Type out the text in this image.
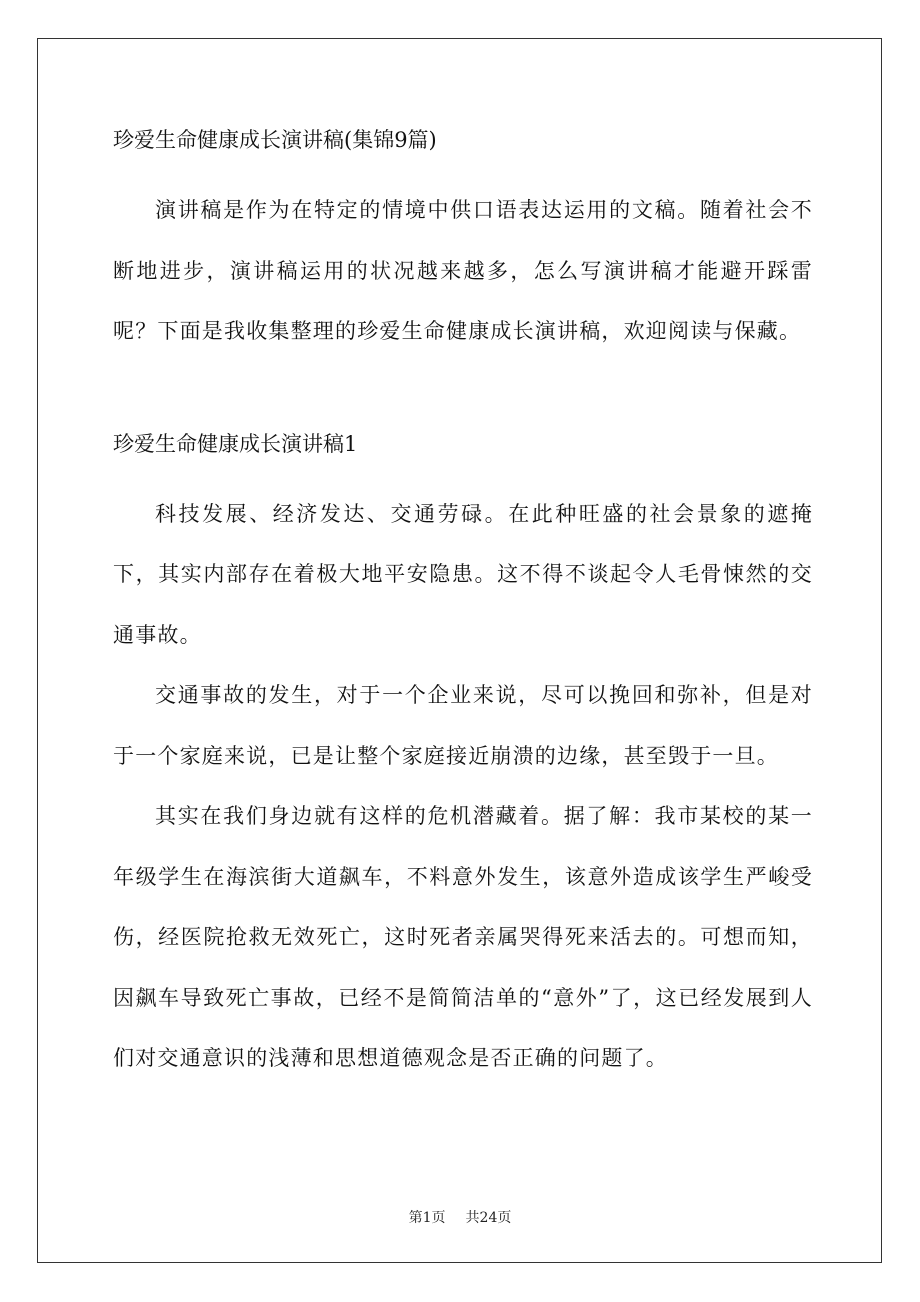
珍爱生命健康成长演讲稿(集锦9篇)

演讲稿是作为在特定的情境中供口语表达运用的文稿。随着社会不断地进步，演讲稿运用的状况越来越多，怎么写演讲稿才能避开踩雷呢？下面是我收集整理的珍爱生命健康成长演讲稿，欢迎阅读与保藏。

珍爱生命健康成长演讲稿1

科技发展、经济发达、交通劳碌。在此种旺盛的社会景象的遮掩下，其实内部存在着极大地平安隐患。这不得不谈起令人毛骨悚然的交通事故。

交通事故的发生，对于一个企业来说，尽可以挽回和弥补，但是对于一个家庭来说，已是让整个家庭接近崩溃的边缘，甚至毁于一旦。

其实在我们身边就有这样的危机潜藏着。据了解：我市某校的某一年级学生在海滨街大道飙车，不料意外发生，该意外造成该学生严峻受伤，经医院抢救无效死亡，这时死者亲属哭得死来活去的。可想而知，因飙车导致死亡事故，已经不是简简洁单的“意外”了，这已经发展到人们对交通意识的浅薄和思想道德观念是否正确的问题了。

第1页 共24页
